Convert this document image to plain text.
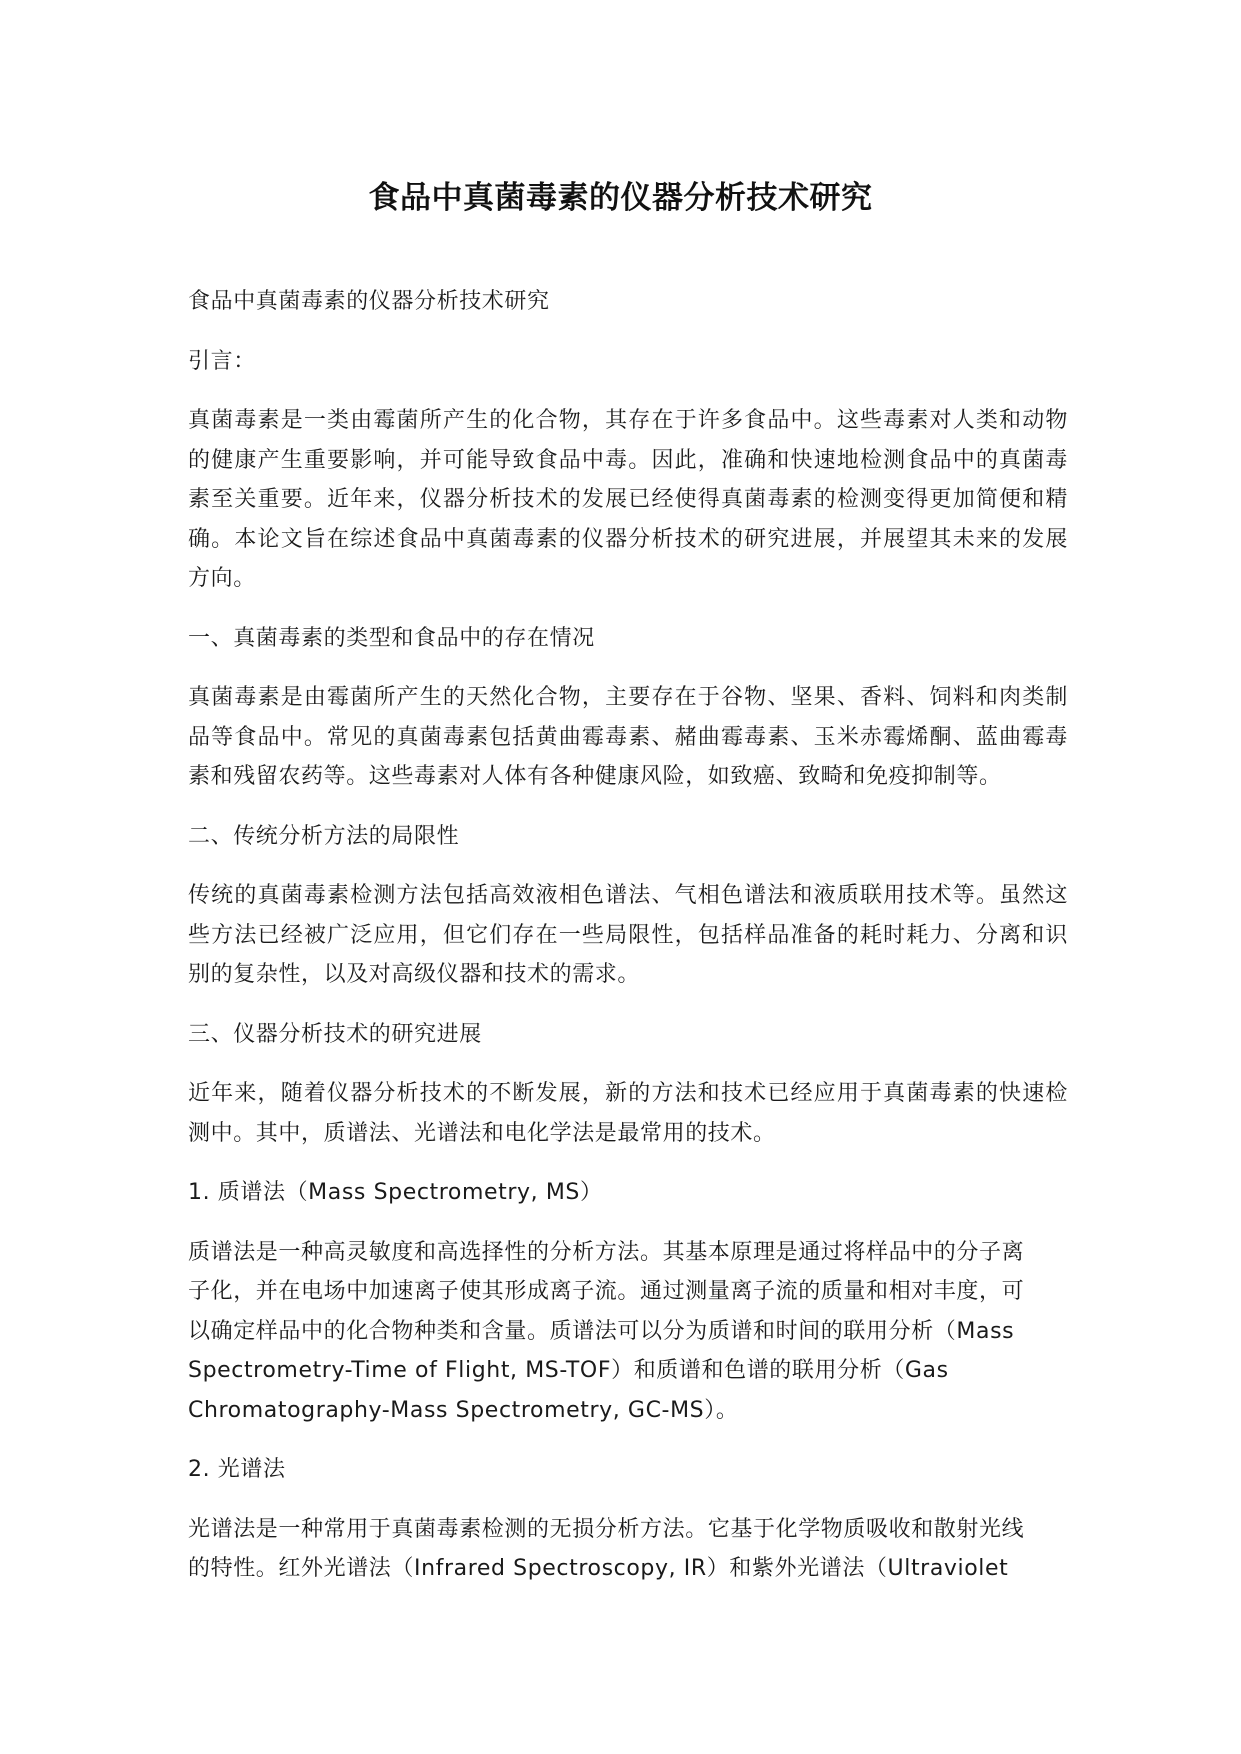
食品中真菌毒素的仪器分析技术研究
食品中真菌毒素的仪器分析技术研究
引言：
真菌毒素是一类由霉菌所产生的化合物，其存在于许多食品中。这些毒素对人类和动物的健康产生重要影响，并可能导致食品中毒。因此，准确和快速地检测食品中的真菌毒素至关重要。近年来，仪器分析技术的发展已经使得真菌毒素的检测变得更加简便和精确。本论文旨在综述食品中真菌毒素的仪器分析技术的研究进展，并展望其未来的发展方向。
一、真菌毒素的类型和食品中的存在情况
真菌毒素是由霉菌所产生的天然化合物，主要存在于谷物、坚果、香料、饲料和肉类制品等食品中。常见的真菌毒素包括黄曲霉毒素、赭曲霉毒素、玉米赤霉烯酮、蓝曲霉毒素和残留农药等。这些毒素对人体有各种健康风险，如致癌、致畸和免疫抑制等。
二、传统分析方法的局限性
传统的真菌毒素检测方法包括高效液相色谱法、气相色谱法和液质联用技术等。虽然这些方法已经被广泛应用，但它们存在一些局限性，包括样品准备的耗时耗力、分离和识别的复杂性，以及对高级仪器和技术的需求。
三、仪器分析技术的研究进展
近年来，随着仪器分析技术的不断发展，新的方法和技术已经应用于真菌毒素的快速检测中。其中，质谱法、光谱法和电化学法是最常用的技术。
1. 质谱法（Mass Spectrometry, MS）
质谱法是一种高灵敏度和高选择性的分析方法。其基本原理是通过将样品中的分子离
子化，并在电场中加速离子使其形成离子流。通过测量离子流的质量和相对丰度，可
以确定样品中的化合物种类和含量。质谱法可以分为质谱和时间的联用分析（Mass
Spectrometry-Time of Flight, MS-TOF）和质谱和色谱的联用分析（Gas
Chromatography-Mass Spectrometry, GC-MS）。
2. 光谱法
光谱法是一种常用于真菌毒素检测的无损分析方法。它基于化学物质吸收和散射光线
的特性。红外光谱法（Infrared Spectroscopy, IR）和紫外光谱法（Ultraviolet
